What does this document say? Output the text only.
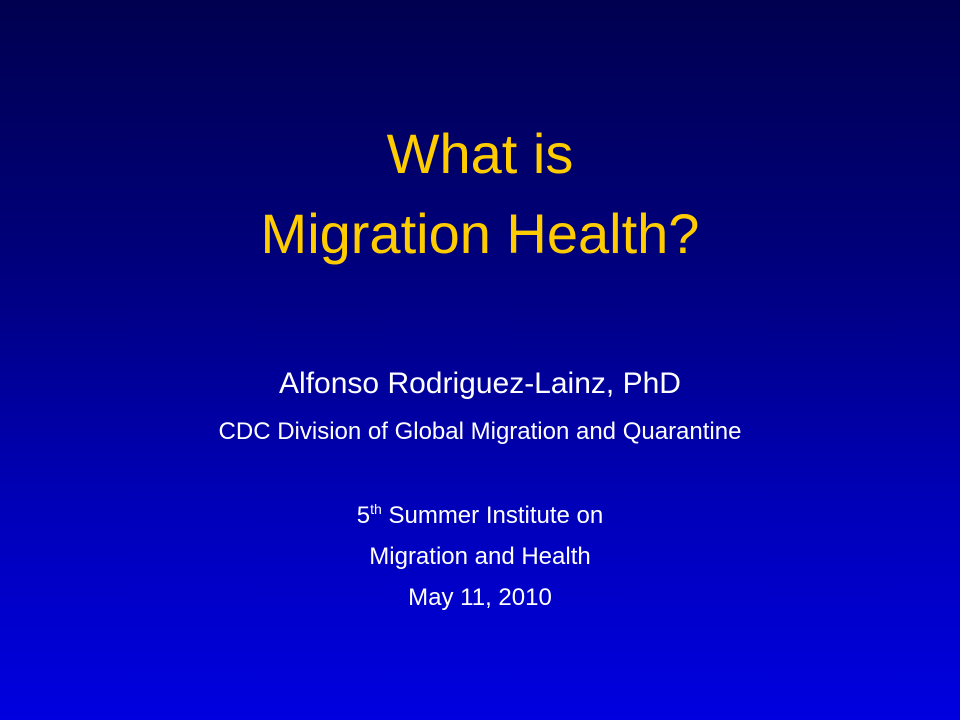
What is
Migration Health?
Alfonso Rodriguez-Lainz, PhD
CDC Division of Global Migration and Quarantine
5th Summer Institute on
Migration and Health
May 11, 2010
